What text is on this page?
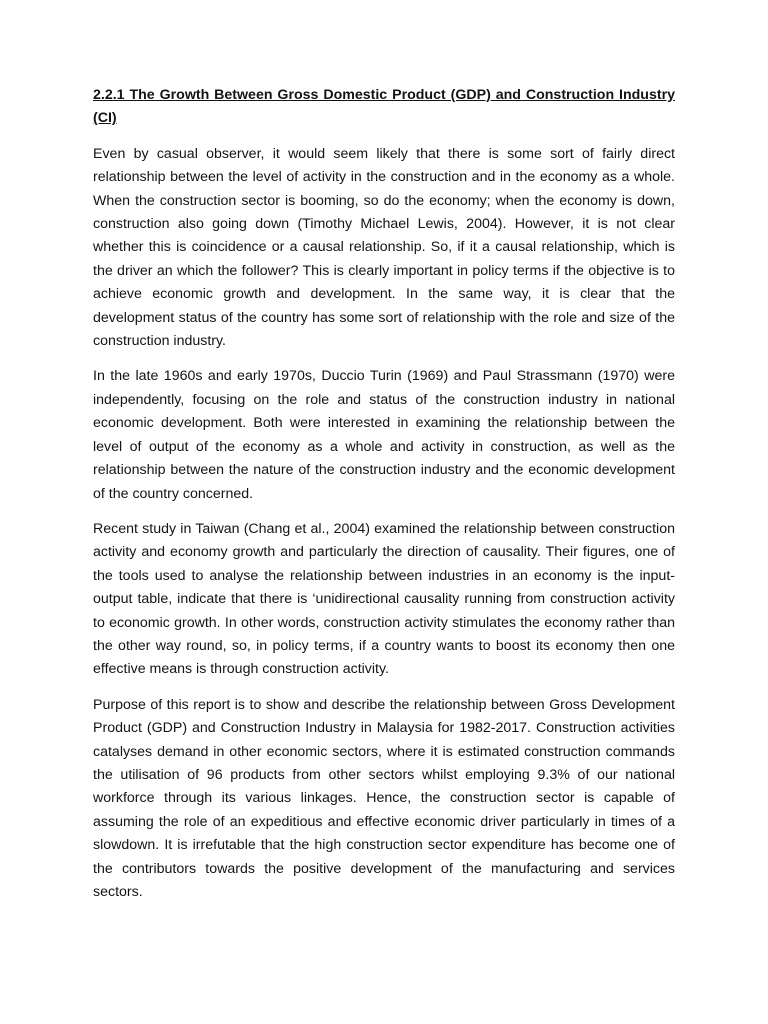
2.2.1 The Growth Between Gross Domestic Product (GDP) and Construction Industry (CI)

Even by casual observer, it would seem likely that there is some sort of fairly direct relationship between the level of activity in the construction and in the economy as a whole. When the construction sector is booming, so do the economy; when the economy is down, construction also going down (Timothy Michael Lewis, 2004). However, it is not clear whether this is coincidence or a causal relationship. So, if it a causal relationship, which is the driver an which the follower? This is clearly important in policy terms if the objective is to achieve economic growth and development. In the same way, it is clear that the development status of the country has some sort of relationship with the role and size of the construction industry.

In the late 1960s and early 1970s, Duccio Turin (1969) and Paul Strassmann (1970) were independently, focusing on the role and status of the construction industry in national economic development. Both were interested in examining the relationship between the level of output of the economy as a whole and activity in construction, as well as the relationship between the nature of the construction industry and the economic development of the country concerned.

Recent study in Taiwan (Chang et al., 2004) examined the relationship between construction activity and economy growth and particularly the direction of causality. Their figures, one of the tools used to analyse the relationship between industries in an economy is the input-output table, indicate that there is ‘unidirectional causality running from construction activity to economic growth. In other words, construction activity stimulates the economy rather than the other way round, so, in policy terms, if a country wants to boost its economy then one effective means is through construction activity.

Purpose of this report is to show and describe the relationship between Gross Development Product (GDP) and Construction Industry in Malaysia for 1982-2017. Construction activities catalyses demand in other economic sectors, where it is estimated construction commands the utilisation of 96 products from other sectors whilst employing 9.3% of our national workforce through its various linkages. Hence, the construction sector is capable of assuming the role of an expeditious and effective economic driver particularly in times of a slowdown. It is irrefutable that the high construction sector expenditure has become one of the contributors towards the positive development of the manufacturing and services sectors.
